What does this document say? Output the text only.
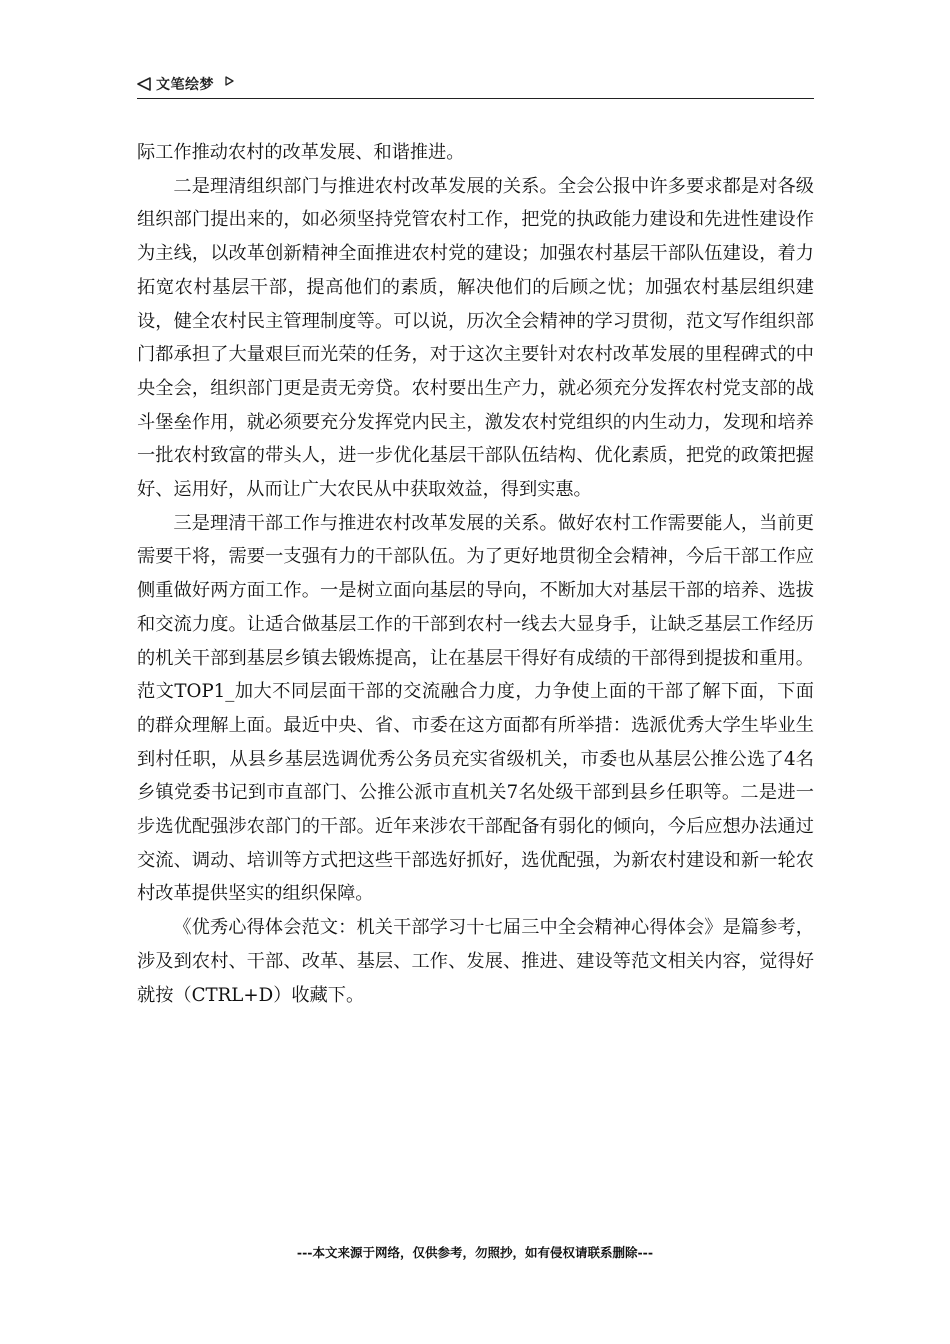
文笔绘梦

际工作推动农村的改革发展、和谐推进。

二是理清组织部门与推进农村改革发展的关系。全会公报中许多要求都是对各级组织部门提出来的，如必须坚持党管农村工作，把党的执政能力建设和先进性建设作为主线，以改革创新精神全面推进农村党的建设；加强农村基层干部队伍建设，着力拓宽农村基层干部，提高他们的素质，解决他们的后顾之忧；加强农村基层组织建设，健全农村民主管理制度等。可以说，历次全会精神的学习贯彻，范文写作组织部门都承担了大量艰巨而光荣的任务，对于这次主要针对农村改革发展的里程碑式的中央全会，组织部门更是责无旁贷。农村要出生产力，就必须充分发挥农村党支部的战斗堡垒作用，就必须要充分发挥党内民主，激发农村党组织的内生动力，发现和培养一批农村致富的带头人，进一步优化基层干部队伍结构、优化素质，把党的政策把握好、运用好，从而让广大农民从中获取效益，得到实惠。

三是理清干部工作与推进农村改革发展的关系。做好农村工作需要能人，当前更需要干将，需要一支强有力的干部队伍。为了更好地贯彻全会精神，今后干部工作应侧重做好两方面工作。一是树立面向基层的导向，不断加大对基层干部的培养、选拔和交流力度。让适合做基层工作的干部到农村一线去大显身手，让缺乏基层工作经历的机关干部到基层乡镇去锻炼提高，让在基层干得好有成绩的干部得到提拔和重用。范文TOP1_加大不同层面干部的交流融合力度，力争使上面的干部了解下面，下面的群众理解上面。最近中央、省、市委在这方面都有所举措：选派优秀大学生毕业生到村任职，从县乡基层选调优秀公务员充实省级机关，市委也从基层公推公选了4名乡镇党委书记到市直部门、公推公派市直机关7名处级干部到县乡任职等。二是进一步选优配强涉农部门的干部。近年来涉农干部配备有弱化的倾向，今后应想办法通过交流、调动、培训等方式把这些干部选好抓好，选优配强，为新农村建设和新一轮农村改革提供坚实的组织保障。

《优秀心得体会范文：机关干部学习十七届三中全会精神心得体会》是篇参考，涉及到农村、干部、改革、基层、工作、发展、推进、建设等范文相关内容，觉得好就按（CTRL+D）收藏下。

---本文来源于网络，仅供参考，勿照抄，如有侵权请联系删除---
